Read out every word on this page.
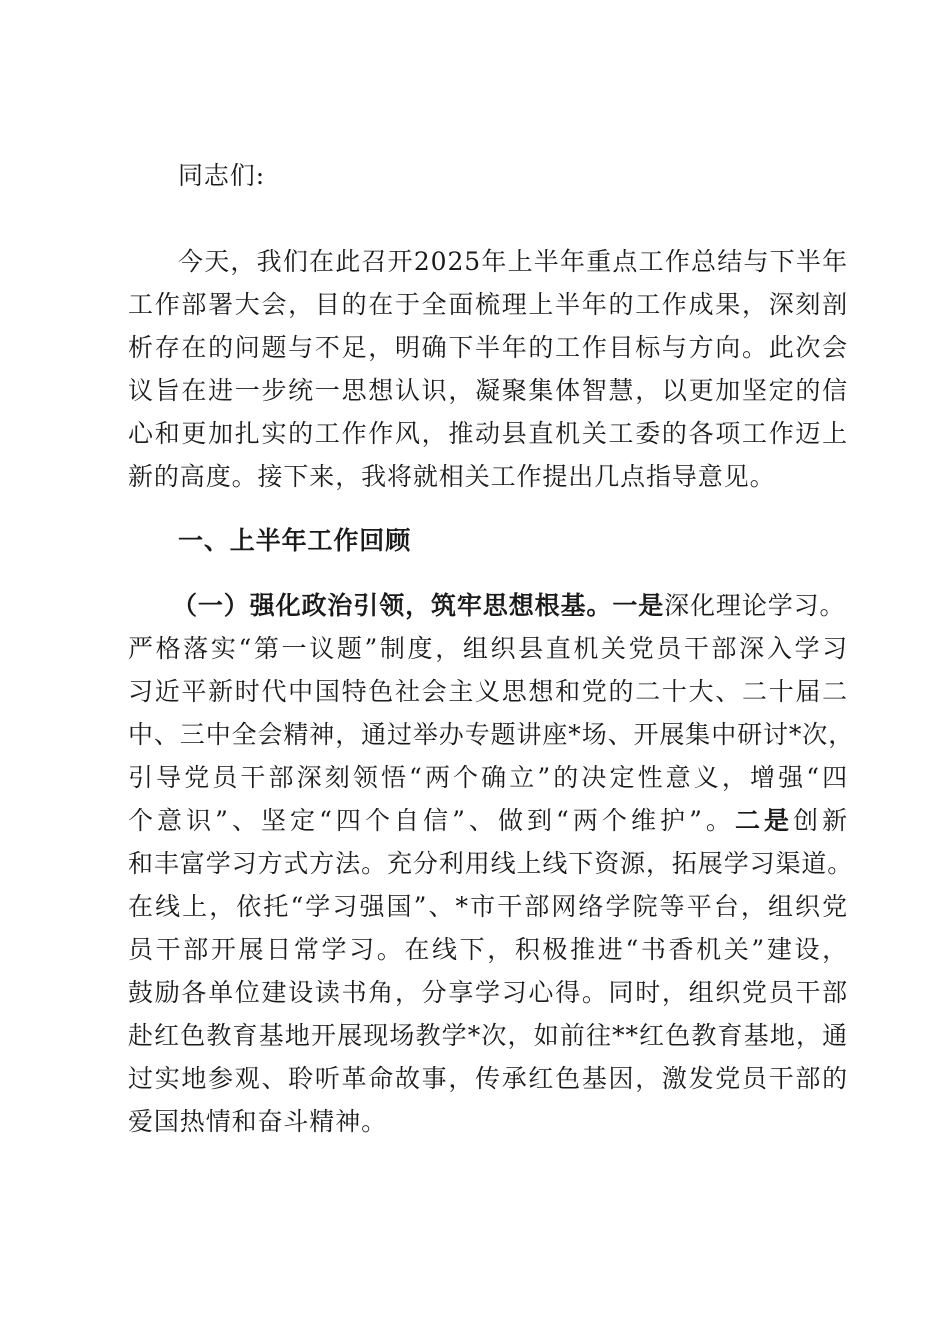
同志们:
今天，我们在此召开2025年上半年重点工作总结与下半年
工作部署大会，目的在于全面梳理上半年的工作成果，深刻剖
析存在的问题与不足，明确下半年的工作目标与方向。此次会
议旨在进一步统一思想认识，凝聚集体智慧，以更加坚定的信
心和更加扎实的工作作风，推动县直机关工委的各项工作迈上
新的高度。接下来，我将就相关工作提出几点指导意见。
一、上半年工作回顾
（一）强化政治引领，筑牢思想根基。一是深化理论学习。
严格落实“第一议题”制度，组织县直机关党员干部深入学习
习近平新时代中国特色社会主义思想和党的二十大、二十届二
中、三中全会精神，通过举办专题讲座*场、开展集中研讨*次，
引导党员干部深刻领悟“两个确立”的决定性意义，增强“四
个意识”、坚定“四个自信”、做到“两个维护”。二是创新
和丰富学习方式方法。充分利用线上线下资源，拓展学习渠道。
在线上，依托“学习强国”、*市干部网络学院等平台，组织党
员干部开展日常学习。在线下，积极推进“书香机关”建设，
鼓励各单位建设读书角，分享学习心得。同时，组织党员干部
赴红色教育基地开展现场教学*次，如前往**红色教育基地，通
过实地参观、聆听革命故事，传承红色基因，激发党员干部的
爱国热情和奋斗精神。
